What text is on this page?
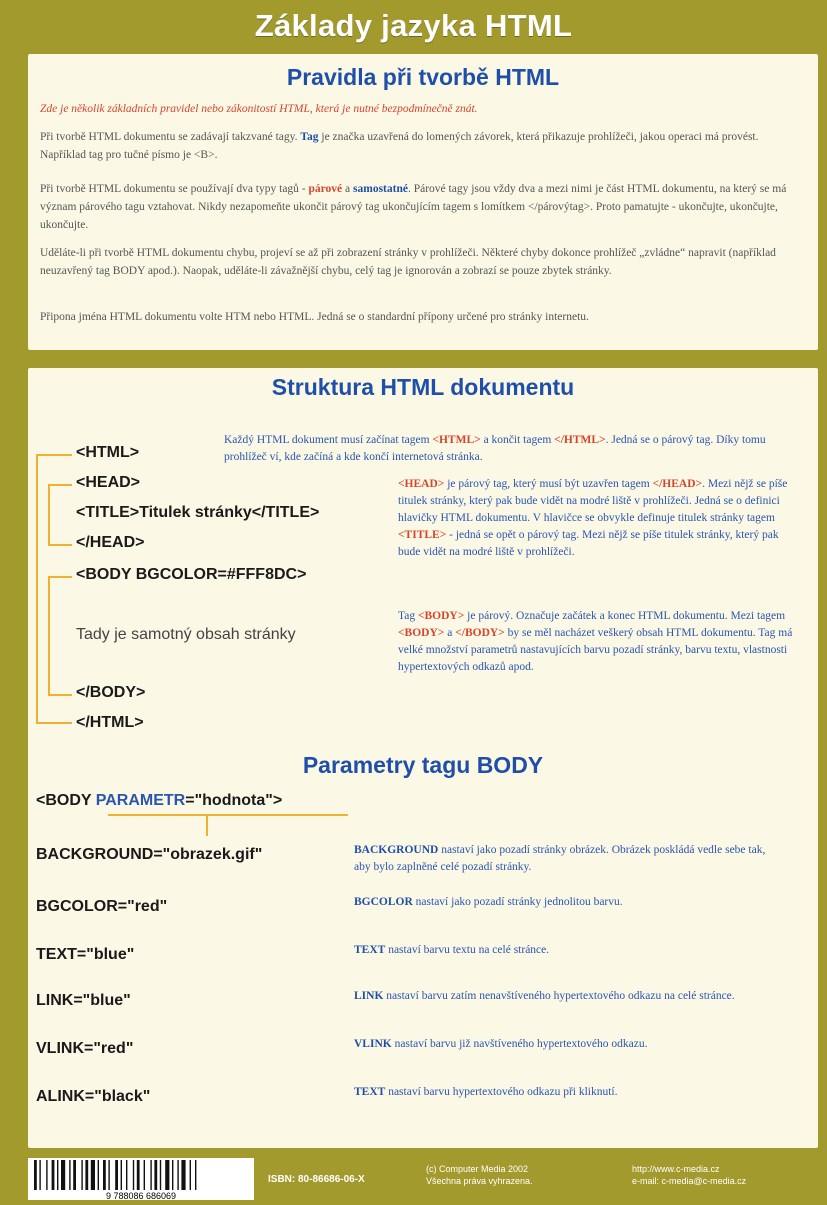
Základy jazyka HTML
Pravidla při tvorbě HTML

Zde je několik základních pravidel nebo zákonitostí HTML, která je nutné bezpodmínečně znát.

Při tvorbě HTML dokumentu se zadávají takzvané tagy. Tag je značka uzavřená do lomených závorek, která přikazuje prohlížeči, jakou operaci má provést. Například tag pro tučné písmo je <B>.

Při tvorbě HTML dokumentu se používají dva typy tagů - párové a samostatné. Párové tagy jsou vždy dva a mezi nimi je část HTML dokumentu, na který se má význam párového tagu vztahovat. Nikdy nezapomeňte ukončit párový tag ukončujícím tagem s lomítkem </párovýtag>. Proto pamatujte - ukončujte, ukončujte, ukončujte.

Uděláte-li při tvorbě HTML dokumentu chybu, projeví se až při zobrazení stránky v prohlížeči. Některé chyby dokonce prohlížeč „zvládne“ napravit (například neuzavřený tag BODY apod.). Naopak, uděláte-li závažnější chybu, celý tag je ignorován a zobrazí se pouze zbytek stránky.

Připona jména HTML dokumentu volte HTM nebo HTML. Jedná se o standardní přípony určené pro stránky internetu.

Struktura HTML dokumentu
<HTML>
<HEAD>
<TITLE>Titulek stránky</TITLE>
</HEAD>
<BODY BGCOLOR=#FFF8DC>
Tady je samotný obsah stránky
</BODY>
</HTML>
Každý HTML dokument musí začínat tagem <HTML> a končit tagem </HTML>. Jedná se o párový tag. Díky tomu prohlížeč ví, kde začíná a kde končí internetová stránka.
<HEAD> je párový tag, který musí být uzavřen tagem </HEAD>. Mezi nějž se píše titulek stránky, který pak bude vidět na modré liště v prohlížeči. Jedná se o definici hlavičky HTML dokumentu. V hlavičce se obvykle definuje titulek stránky tagem <TITLE> - jedná se opět o párový tag. Mezi nějž se píše titulek stránky, který pak bude vidět na modré liště v prohlížeči.
Tag <BODY> je párový. Označuje začátek a konec HTML dokumentu. Mezi tagem <BODY> a </BODY> by se měl nacházet veškerý obsah HTML dokumentu. Tag má velké množství parametrů nastavujících barvu pozadí stránky, barvu textu, vlastnosti hypertextových odkazů apod.
Parametry tagu BODY
<BODY PARAMETR="hodnota">
BACKGROUND="obrazek.gif"	BACKGROUND nastaví jako pozadí stránky obrázek. Obrázek poskládá vedle sebe tak, aby bylo zaplněné celé pozadí stránky.
BGCOLOR="red"	BGCOLOR nastaví jako pozadí stránky jednolitou barvu.
TEXT="blue"	TEXT nastaví barvu textu na celé stránce.
LINK="blue"	LINK nastaví barvu zatím nenavštíveného hypertextového odkazu na celé stránce.
VLINK="red"	VLINK nastaví barvu již navštíveného hypertextového odkazu.
ALINK="black"	TEXT nastaví barvu hypertextového odkazu při kliknutí.
9 788086 686069
ISBN: 80-86686-06-X
(c) Computer Media 2002
Všechna práva vyhrazena.
http://www.c-media.cz
e-mail: c-media@c-media.cz
